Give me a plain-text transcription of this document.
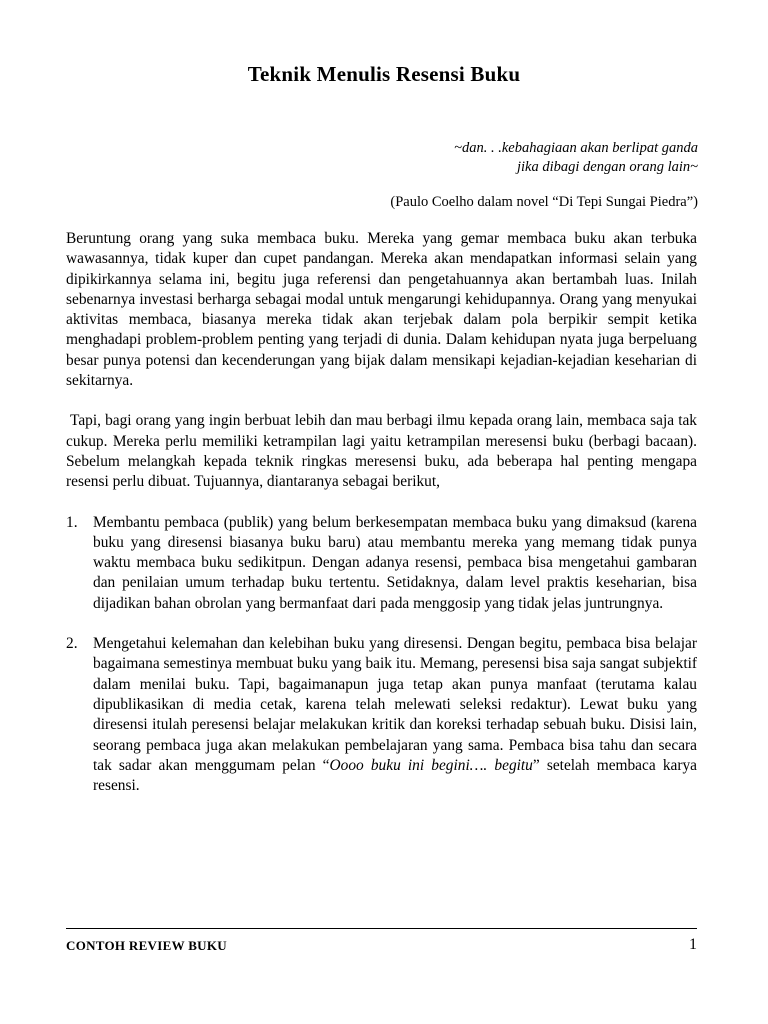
Teknik Menulis Resensi Buku
~dan. . .kebahagiaan akan berlipat ganda
jika dibagi dengan orang lain~
(Paulo Coelho dalam novel “Di Tepi Sungai Piedra”)

Beruntung orang yang suka membaca buku. Mereka yang gemar membaca buku akan terbuka wawasannya, tidak kuper dan cupet pandangan. Mereka akan mendapatkan informasi selain yang dipikirkannya selama ini, begitu juga referensi dan pengetahuannya akan bertambah luas. Inilah sebenarnya investasi berharga sebagai modal untuk mengarungi kehidupannya. Orang yang menyukai aktivitas membaca, biasanya mereka tidak akan terjebak dalam pola berpikir sempit ketika menghadapi problem-problem penting yang terjadi di dunia. Dalam kehidupan nyata juga berpeluang besar punya potensi dan kecenderungan yang bijak dalam mensikapi kejadian-kejadian keseharian di sekitarnya.

Tapi, bagi orang yang ingin berbuat lebih dan mau berbagi ilmu kepada orang lain, membaca saja tak cukup. Mereka perlu memiliki ketrampilan lagi yaitu ketrampilan meresensi buku (berbagi bacaan). Sebelum melangkah kepada teknik ringkas meresensi buku, ada beberapa hal penting mengapa resensi perlu dibuat. Tujuannya, diantaranya sebagai berikut,

1. Membantu pembaca (publik) yang belum berkesempatan membaca buku yang dimaksud (karena buku yang diresensi biasanya buku baru) atau membantu mereka yang memang tidak punya waktu membaca buku sedikitpun. Dengan adanya resensi, pembaca bisa mengetahui gambaran dan penilaian umum terhadap buku tertentu. Setidaknya, dalam level praktis keseharian, bisa dijadikan bahan obrolan yang bermanfaat dari pada menggosip yang tidak jelas juntrungnya.
2. Mengetahui kelemahan dan kelebihan buku yang diresensi. Dengan begitu, pembaca bisa belajar bagaimana semestinya membuat buku yang baik itu. Memang, peresensi bisa saja sangat subjektif dalam menilai buku. Tapi, bagaimanapun juga tetap akan punya manfaat (terutama kalau dipublikasikan di media cetak, karena telah melewati seleksi redaktur). Lewat buku yang diresensi itulah peresensi belajar melakukan kritik dan koreksi terhadap sebuah buku. Disisi lain, seorang pembaca juga akan melakukan pembelajaran yang sama. Pembaca bisa tahu dan secara tak sadar akan menggumam pelan “Oooo buku ini begini…. begitu” setelah membaca karya resensi.
CONTOH REVIEW BUKU	1
